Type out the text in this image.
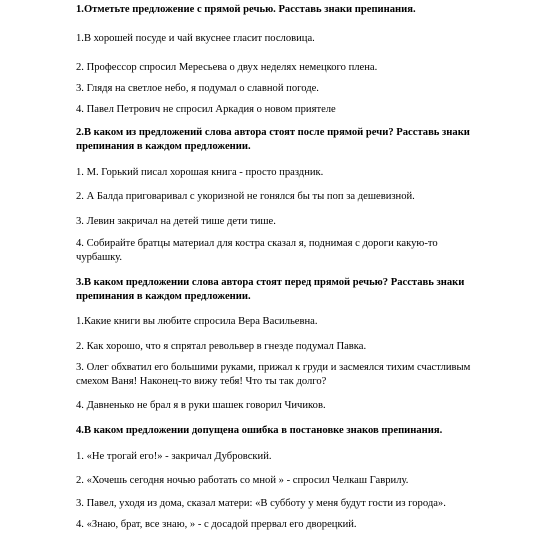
1.Отметьте предложение с прямой речью. Расставь знаки препинания.

1.В хорошей посуде и чай вкуснее гласит пословица.

2. Профессор спросил Мересьева о двух неделях немецкого плена.

3. Глядя на светлое небо, я подумал о славной погоде.

4. Павел Петрович не спросил Аркадия о новом приятеле

2.В каком из предложений слова автора стоят после прямой речи? Расставь знаки препинания в каждом предложении.

1. М. Горький писал хорошая книга - просто праздник.

2. А Балда приговаривал с укоризной не гонялся бы ты поп за дешевизной.

3. Левин закричал на детей тише дети тише.

4. Собирайте братцы материал для костра сказал я, поднимая с дороги какую-то чурбашку.

3.В каком предложении слова автора стоят перед прямой речью? Расставь знаки препинания в каждом предложении.

1.Какие книги вы любите спросила Вера Васильевна.

2. Как хорошо, что я спрятал револьвер в гнезде подумал Павка.

3. Олег обхватил его большими руками, прижал к груди и засмеялся тихим счастливым смехом Ваня! Наконец-то вижу тебя! Что ты так долго?

4. Давненько не брал я в руки шашек говорил Чичиков.

4.В каком предложении допущена ошибка в постановке знаков препинания.

1. «Не трогай его!» - закричал Дубровский.

2. «Хочешь сегодня ночью работать со мной » - спросил Челкаш Гаврилу.

3. Павел, уходя из дома, сказал матери: «В субботу у меня будут гости из города».

4. «Знаю, брат, все знаю, » - с досадой прервал его дворецкий.
